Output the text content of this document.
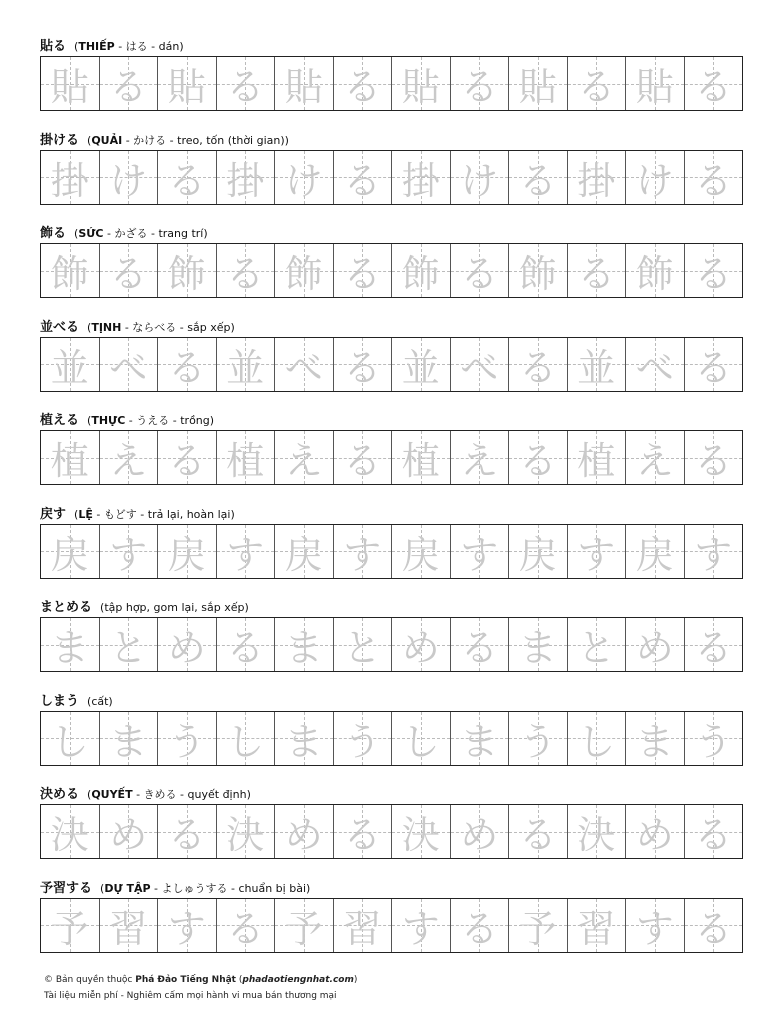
貼る (THIẾP - はる - dán)
貼 る 貼 る 貼 る 貼 る 貼 る 貼 る
掛ける (QUẢI - かける - treo, tốn (thời gian))
掛 け る 掛 け る 掛 け る 掛 け る
飾る (SỨC - かざる - trang trí)
飾 る 飾 る 飾 る 飾 る 飾 る 飾 る
並べる (TỊNH - ならべる - sắp xếp)
並 べ る 並 べ る 並 べ る 並 べ る
植える (THỰC - うえる - trồng)
植 え る 植 え る 植 え る 植 え る
戻す (LỆ - もどす - trả lại, hoàn lại)
戻 す 戻 す 戻 す 戻 す 戻 す 戻 す
まとめる (tập hợp, gom lại, sắp xếp)
ま と め る ま と め る ま と め る
しまう (cất)
し ま う し ま う し ま う し ま う
決める (QUYẾT - きめる - quyết định)
決 め る 決 め る 決 め る 決 め る
予習する (DỰ TẬP - よしゅうする - chuẩn bị bài)
予 習 す る 予 習 す る 予 習 す る
© Bản quyền thuộc Phá Đảo Tiếng Nhật (phadaotiengnhat.com)
Tài liệu miễn phí - Nghiêm cấm mọi hành vi mua bán thương mại
